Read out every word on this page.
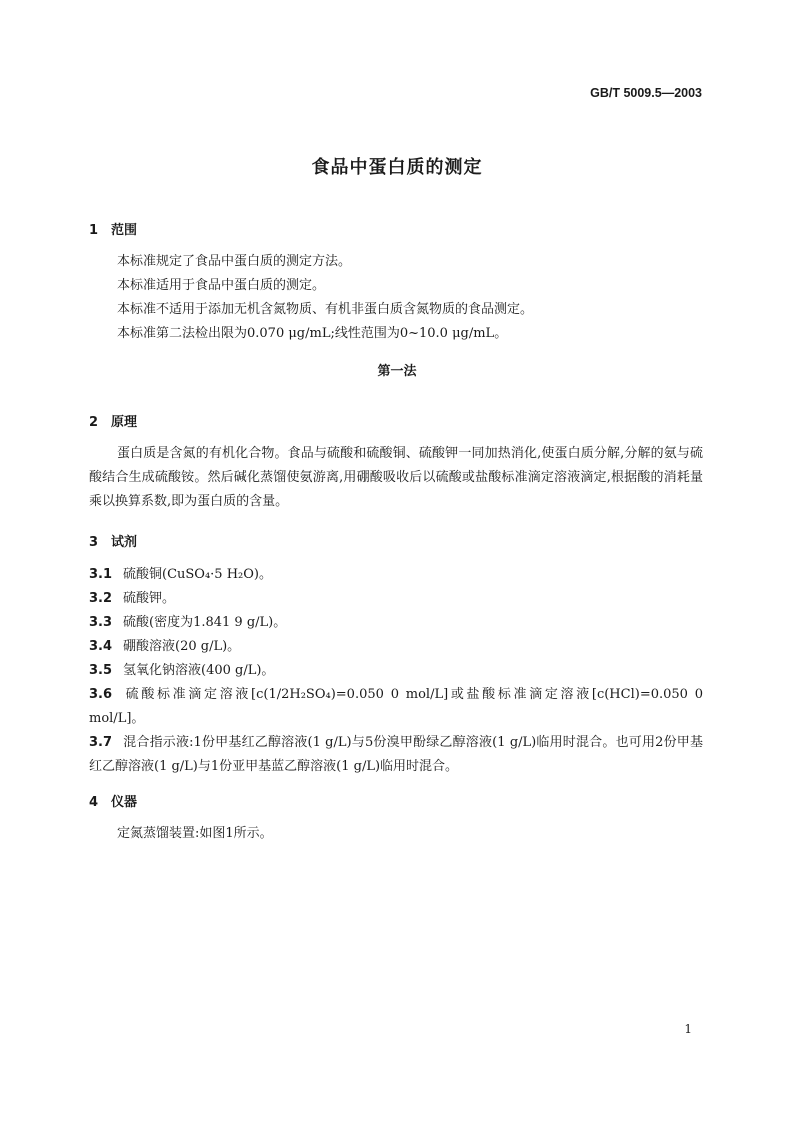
GB/T 5009.5—2003
食品中蛋白质的测定
1 范围
本标准规定了食品中蛋白质的测定方法。
本标准适用于食品中蛋白质的测定。
本标准不适用于添加无机含氮物质、有机非蛋白质含氮物质的食品测定。
本标准第二法检出限为0.070 μg/mL;线性范围为0~10.0 μg/mL。
第一法
2 原理
蛋白质是含氮的有机化合物。食品与硫酸和硫酸铜、硫酸钾一同加热消化,使蛋白质分解,分解的氨与硫酸结合生成硫酸铵。然后碱化蒸馏使氨游离,用硼酸吸收后以硫酸或盐酸标准滴定溶液滴定,根据酸的消耗量乘以换算系数,即为蛋白质的含量。
3 试剂
3.1 硫酸铜(CuSO₄·5 H₂O)。
3.2 硫酸钾。
3.3 硫酸(密度为1.841 9 g/L)。
3.4 硼酸溶液(20 g/L)。
3.5 氢氧化钠溶液(400 g/L)。
3.6 硫酸标准滴定溶液[c(1/2H₂SO₄)=0.050 0 mol/L]或盐酸标准滴定溶液[c(HCl)=0.050 0 mol/L]。
3.7 混合指示液:1份甲基红乙醇溶液(1 g/L)与5份溴甲酚绿乙醇溶液(1 g/L)临用时混合。也可用2份甲基红乙醇溶液(1 g/L)与1份亚甲基蓝乙醇溶液(1 g/L)临用时混合。
4 仪器
定氮蒸馏装置:如图1所示。
1
